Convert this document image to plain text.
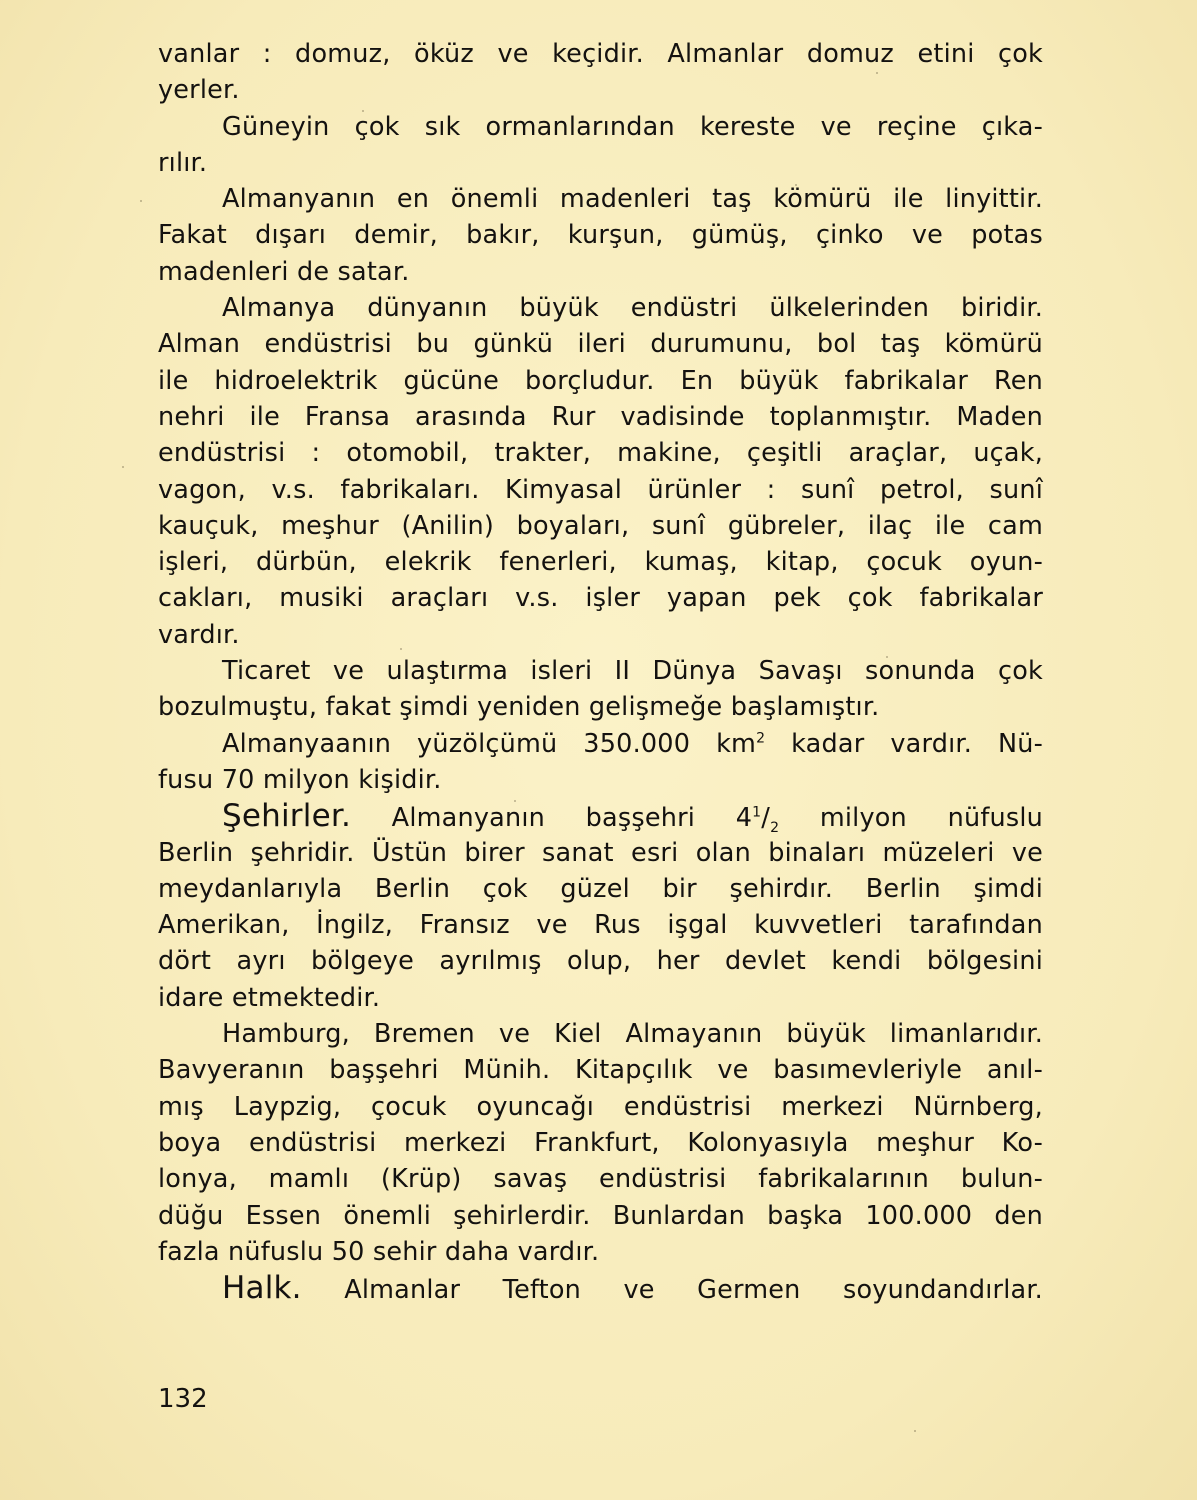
vanlar : domuz, öküz ve keçidir. Almanlar domuz etini çok
yerler.
Güneyin çok sık ormanlarından kereste ve reçine çıka-
rılır.
Almanyanın en önemli madenleri taş kömürü ile linyittir.
Fakat dışarı demir, bakır, kurşun, gümüş, çinko ve potas
madenleri de satar.
Almanya dünyanın büyük endüstri ülkelerinden biridir.
Alman endüstrisi bu günkü ileri durumunu, bol taş kömürü
ile hidroelektrik gücüne borçludur. En büyük fabrikalar Ren
nehri ile Fransa arasında Rur vadisinde toplanmıştır. Maden
endüstrisi : otomobil, trakter, makine, çeşitli araçlar, uçak,
vagon, v.s. fabrikaları. Kimyasal ürünler : sunî petrol, sunî
kauçuk, meşhur (Anilin) boyaları, sunî gübreler, ilaç ile cam
işleri, dürbün, elekrik fenerleri, kumaş, kitap, çocuk oyun-
cakları, musiki araçları v.s. işler yapan pek çok fabrikalar
vardır.
Ticaret ve ulaştırma isleri II Dünya Savaşı sonunda çok
bozulmuştu, fakat şimdi yeniden gelişmeğe başlamıştır.
Almanyaanın yüzölçümü 350.000 $km^2$ kadar vardır. Nü-
fusu 70 milyon kişidir.
Şehirler. Almanyanın başşehri $4^1/_2$ milyon nüfuslu
Berlin şehridir. Üstün birer sanat esri olan binaları müzeleri ve
meydanlarıyla Berlin çok güzel bir şehirdır. Berlin şimdi
Amerikan, İngilz, Fransız ve Rus işgal kuvvetleri tarafından
dört ayrı bölgeye ayrılmış olup, her devlet kendi bölgesini
idare etmektedir.
Hamburg, Bremen ve Kiel Almayanın büyük limanlarıdır.
Bavyeranın başşehri Münih. Kitapçılık ve basımevleriyle anıl-
mış Laypzig, çocuk oyuncağı endüstrisi merkezi Nürnberg,
boya endüstrisi merkezi Frankfurt, Kolonyasıyla meşhur Ko-
lonya, mamlı (Krüp) savaş endüstrisi fabrikalarının bulun-
düğu Essen önemli şehirlerdir. Bunlardan başka 100.000 den
fazla nüfuslu 50 sehir daha vardır.
Halk. Almanlar Tefton ve Germen soyundandırlar.
132
